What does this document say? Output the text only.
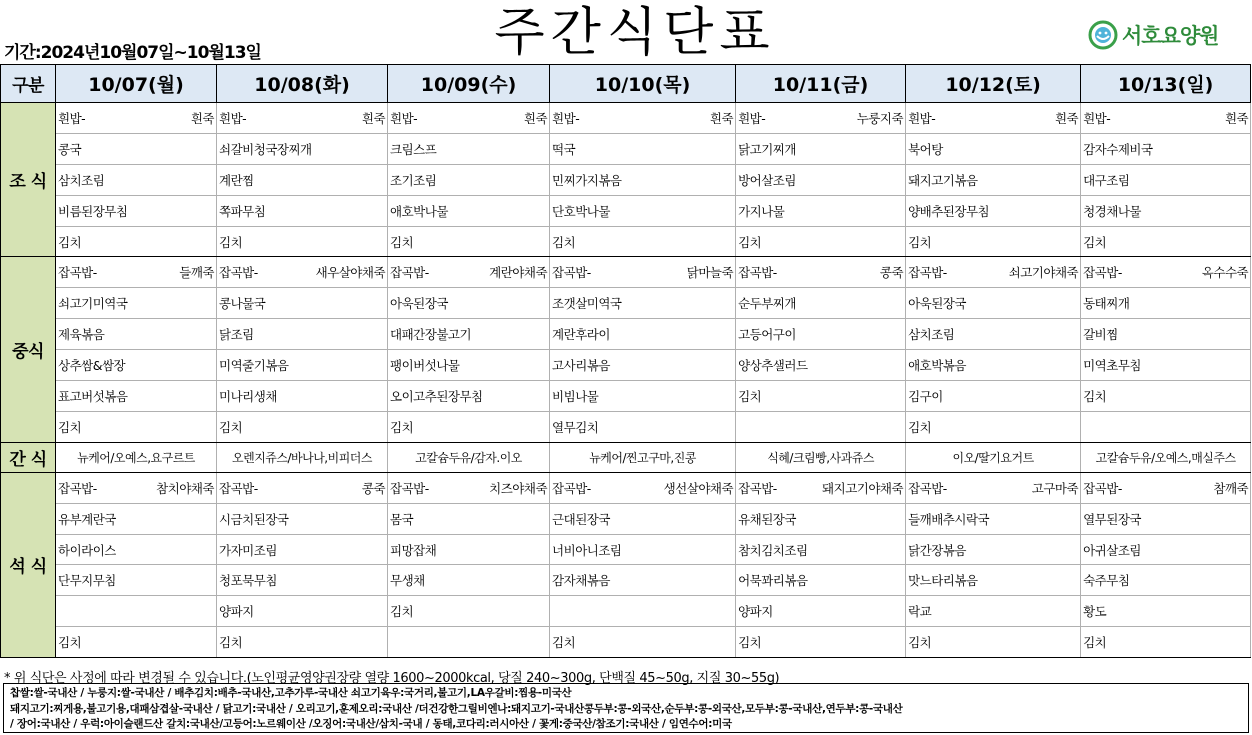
기간:2024년10월07일~10월13일	주간식단표	서호요양원
구분	10/07(월)		10/08(화)		10/09(수)		10/10(목)		10/11(금)		10/12(토)		10/13(일)	
조 식	흰밥-	흰죽	흰밥-	흰죽	흰밥-	흰죽	흰밥-	흰죽	흰밥-	누룽지죽	흰밥-	흰죽	흰밥-	흰죽
	콩국		쇠갈비청국장찌개		크림스프		떡국		닭고기찌개		북어탕		감자수제비국	
	삼치조림		계란찜		조기조림		민찌가지볶음		방어살조림		돼지고기볶음		대구조림	
	비름된장무침		쪽파무침		애호박나물		단호박나물		가지나물		양배추된장무침		청경채나물	
	김치		김치		김치		김치		김치		김치		김치	
중식	잡곡밥-	들깨죽	잡곡밥-	새우살야채죽	잡곡밥-	계란야채죽	잡곡밥-	닭마늘죽	잡곡밥-	콩죽	잡곡밥-	쇠고기야채죽	잡곡밥-	옥수수죽
	쇠고기미역국		콩나물국		아욱된장국		조갯살미역국		순두부찌개		아욱된장국		동태찌개	
	제육볶음		닭조림		대패간장불고기		계란후라이		고등어구이		삼치조림		갈비찜	
	상추쌈&쌈장		미역줄기볶음		팽이버섯나물		고사리볶음		양상추샐러드		애호박볶음		미역초무침	
	표고버섯볶음		미나리생채		오이고추된장무침		비빔나물		김치		김구이		김치	
	김치		김치		김치		열무김치				김치			
간 식	뉴케어/오예스,요구르트		오렌지쥬스/바나나,비피더스		고칼슘두유/감자.이오		뉴케어/찐고구마,진콩		식혜/크림빵,사과쥬스		이오/딸기요거트		고칼슘두유/오예스,매실주스	
석 식	잡곡밥-	참치야채죽	잡곡밥-	콩죽	잡곡밥-	치즈야채죽	잡곡밥-	생선살야채죽	잡곡밥-	돼지고기야채죽	잡곡밥-	고구마죽	잡곡밥-	참깨죽
	유부계란국		시금치된장국		몸국		근대된장국		유채된장국		들깨배추시락국		열무된장국	
	하이라이스		가자미조림		피망잡채		너비아니조림		참치김치조림		닭간장볶음		아귀살조림	
	단무지무침		청포묵무침		무생채		감자채볶음		어묵꽈리볶음		맛느타리볶음		숙주무침	
			양파지		김치				양파지		락교		황도	
	김치		김치				김치		김치		김치		김치	
* 위 식단은 사정에 따라 변경될 수 있습니다.(노인평균영양권장량 열량 1600~2000kcal, 당질 240~300g, 단백질 45~50g, 지질 30~55g)
찹쌀:쌀-국내산 / 누룽지:쌀-국내산 / 배추김치:배추-국내산,고추가루-국내산 쇠고기육우:국거리,불고기,LA우갈비:찜용-미국산
돼지고기:찌게용,불고기용,대패삼겹살-국내산 / 닭고기:국내산 / 오리고기,훈제오리:국내산 /더건강한그릴비엔나:돼지고기-국내산콩두부:콩-외국산,순두부:콩-외국산,모두부:콩-국내산,연두부:콩-국내산
/ 장어:국내산 / 우럭:아이슬랜드산 갈치:국내산/고등어:노르웨이산 /오징어:국내산/삼치-국내 / 동태,코다리:러시아산 / 꽃게:중국산/참조기:국내산 / 임연수어:미국
